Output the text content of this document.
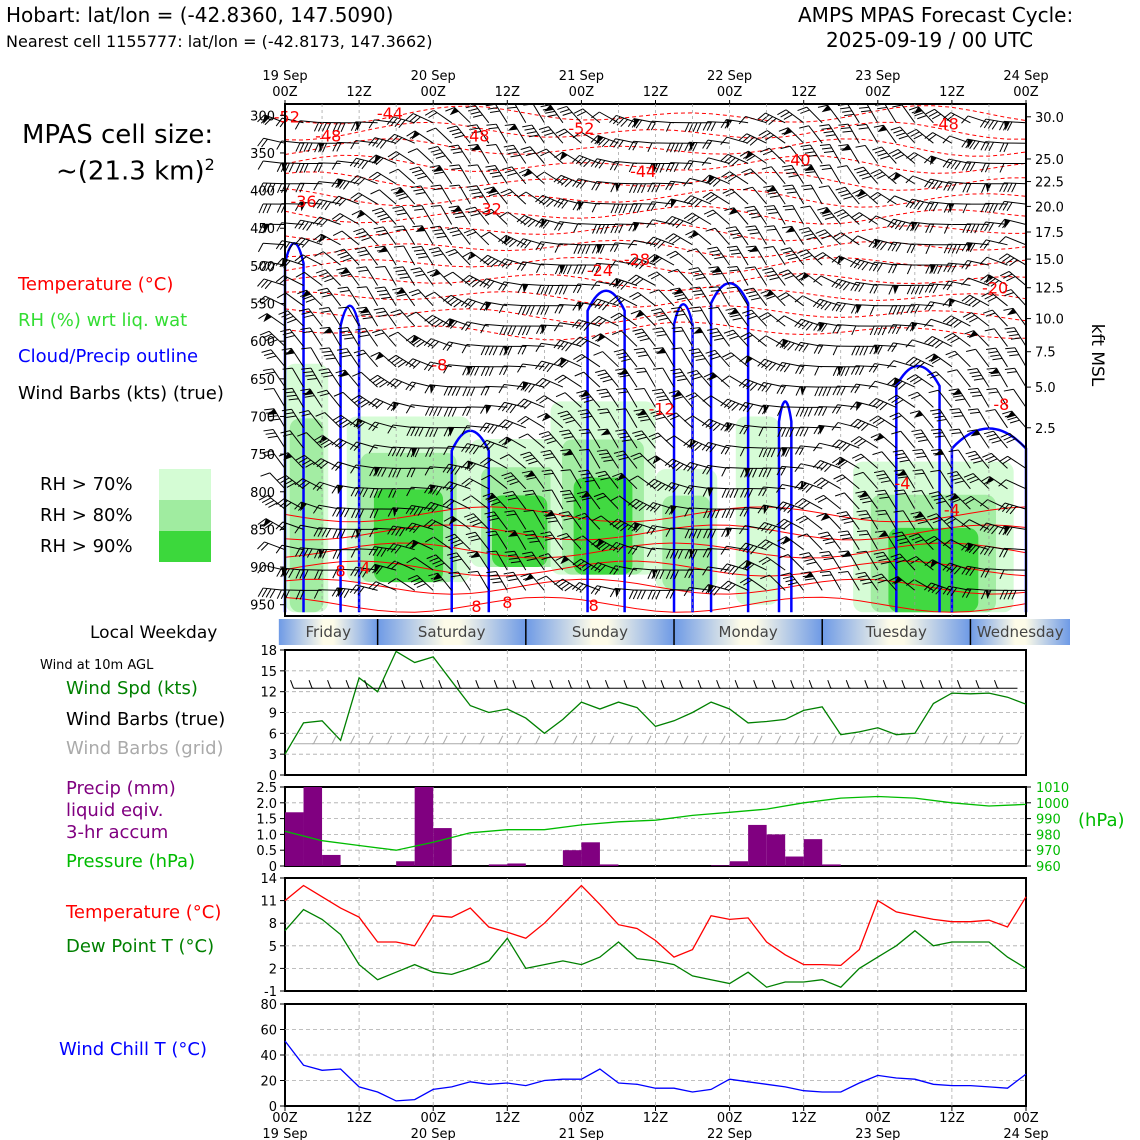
Hobart: lat/lon = (-42.8360, 147.5090)
Nearest cell 1155777: lat/lon = (-42.8173, 147.3662)
AMPS MPAS Forecast Cycle:
2025-09-19 / 00 UTC
MPAS cell size:
~(21.3 km)$^2$
Temperature (°C)
RH (%) wrt liq. wat
Cloud/Precip outline
Wind Barbs (kts) (true)
RH > 70%
RH > 80%
RH > 90%
-52
-48	-48
-44
-52
-44
-40
-48
-36	-32
-28
-24
-20
-12	-8
-8
-4
-4
8 4
8 8	8
300
350
400
450
500
550
600
650
700
750
800
850
900
950
30.0
25.0
22.5
20.0
17.5
15.0
12.5
10.0
7.5
5.0
2.5
kft MSL
19 Sep
00Z	12Z
20 Sep
00Z	12Z
21 Sep
00Z	12Z
22 Sep
00Z	12Z
23 Sep
00Z	12Z
24 Sep
00Z
Friday	Saturday	Sunday	Monday	Tuesday	Wednesday
Local Weekday
0
3
6
9
12
15
18
Wind at 10m AGL
Wind Spd (kts)
Wind Barbs (true)
Wind Barbs (grid)
0
0.5
1.0
1.5
2.0
2.5
960
970
980
990
1000
1010
(hPa)
Precip (mm)
liquid eqiv.
3-hr accum
Pressure (hPa)
-1
2
5
8
11
14
Temperature (°C)
Dew Point T (°C)
0
20
40
60
80
Wind Chill T (°C)
00Z
19 Sep
12Z	00Z
20 Sep
12Z	00Z
21 Sep
12Z	00Z
22 Sep
12Z	00Z
23 Sep
12Z	00Z
24 Sep
